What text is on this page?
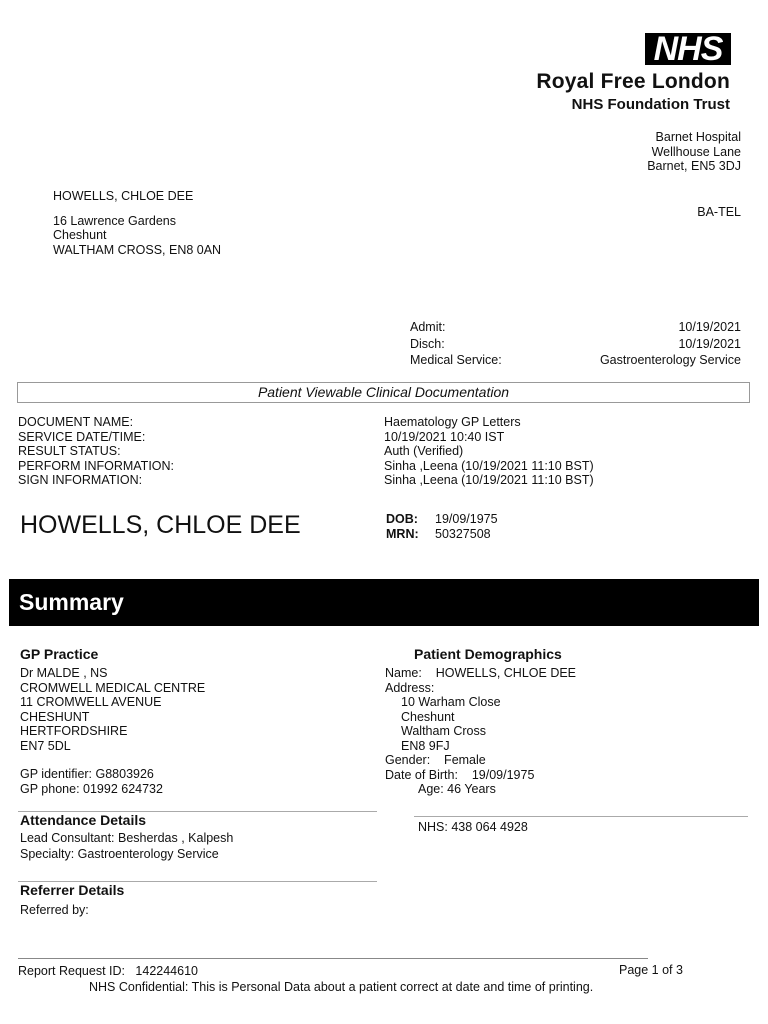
NHS
Royal Free London
NHS Foundation Trust
Barnet Hospital
Wellhouse Lane
Barnet, EN5 3DJ
BA-TEL
HOWELLS, CHLOE DEE
16 Lawrence Gardens
Cheshunt
WALTHAM CROSS, EN8 0AN
Admit:
Disch:
Medical Service:
10/19/2021
10/19/2021
Gastroenterology Service
Patient Viewable Clinical Documentation
DOCUMENT NAME:
SERVICE DATE/TIME:
RESULT STATUS:
PERFORM INFORMATION:
SIGN INFORMATION:
Haematology GP Letters
10/19/2021 10:40 IST
Auth (Verified)
Sinha ,Leena (10/19/2021 11:10 BST)
Sinha ,Leena (10/19/2021 11:10 BST)
HOWELLS, CHLOE DEE	DOB: 19/09/1975
MRN: 50327508
Summary
GP Practice
Dr MALDE , NS
CROMWELL MEDICAL CENTRE
11 CROMWELL AVENUE
CHESHUNT
HERTFORDSHIRE
EN7 5DL
GP identifier: G8803926
GP phone: 01992 624732
Patient Demographics
Name:    HOWELLS, CHLOE DEE
Address:
10 Warham Close
Cheshunt
Waltham Cross
EN8 9FJ
Gender:    Female
Date of Birth:    19/09/1975
Age: 46 Years
NHS: 438 064 4928
Attendance Details
Lead Consultant: Besherdas , Kalpesh
Specialty: Gastroenterology Service
Referrer Details
Referred by:
Report Request ID: 142244610	Page 1 of 3
NHS Confidential: This is Personal Data about a patient correct at date and time of printing.
